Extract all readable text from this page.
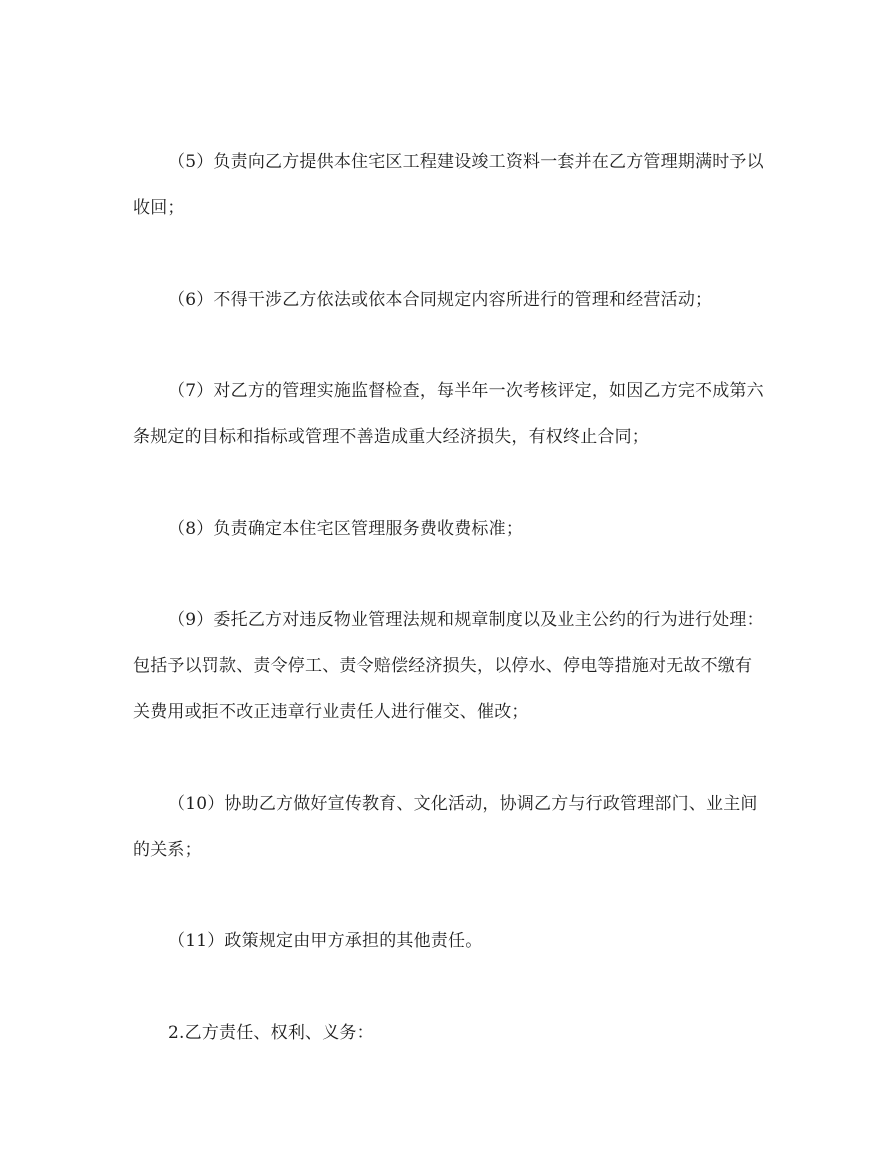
（5）负责向乙方提供本住宅区工程建设竣工资料一套并在乙方管理期满时予以
收回；
（6）不得干涉乙方依法或依本合同规定内容所进行的管理和经营活动；
（7）对乙方的管理实施监督检查，每半年一次考核评定，如因乙方完不成第六
条规定的目标和指标或管理不善造成重大经济损失，有权终止合同；
（8）负责确定本住宅区管理服务费收费标准；
（9）委托乙方对违反物业管理法规和规章制度以及业主公约的行为进行处理：
包括予以罚款、责令停工、责令赔偿经济损失，以停水、停电等措施对无故不缴有
关费用或拒不改正违章行业责任人进行催交、催改；
（10）协助乙方做好宣传教育、文化活动，协调乙方与行政管理部门、业主间
的关系；
（11）政策规定由甲方承担的其他责任。
2.乙方责任、权利、义务：
